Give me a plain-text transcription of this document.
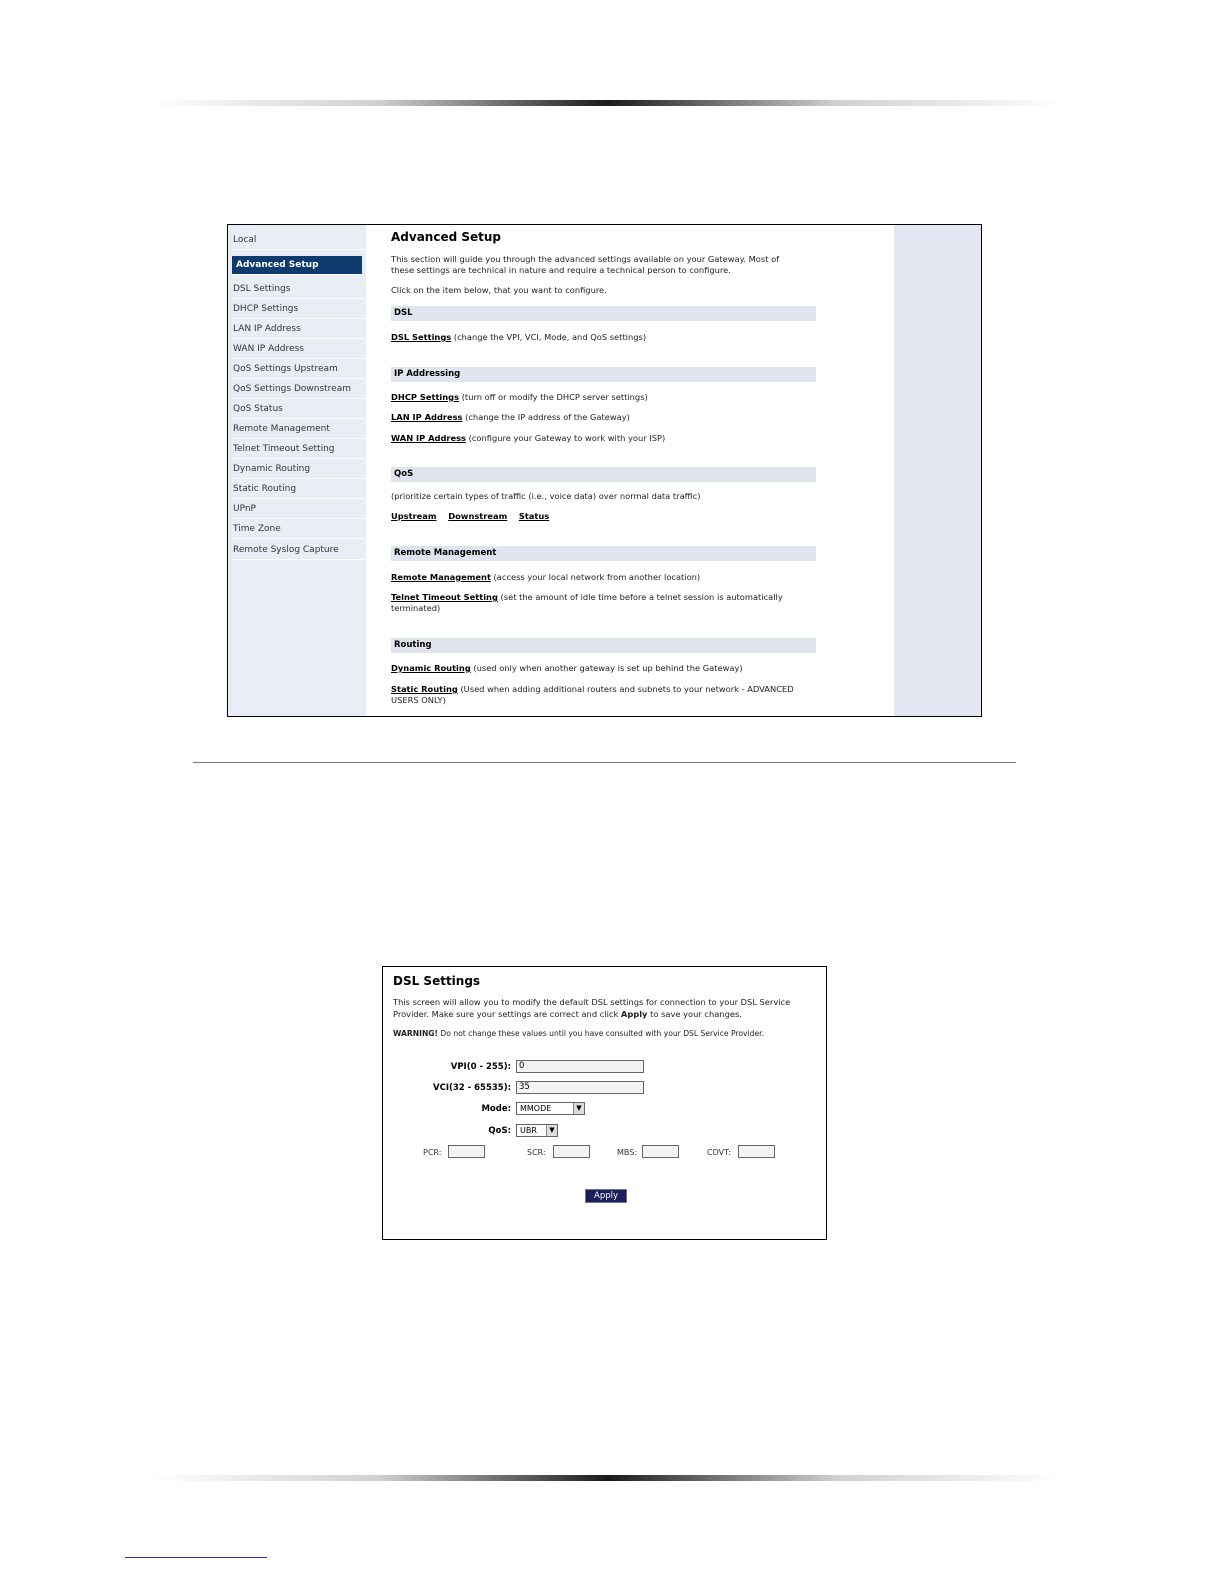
Local
Advanced Setup
DSL Settings
DHCP Settings
LAN IP Address
WAN IP Address
QoS Settings Upstream
QoS Settings Downstream
QoS Status
Remote Management
Telnet Timeout Setting
Dynamic Routing
Static Routing
UPnP
Time Zone
Remote Syslog Capture
Advanced Setup
This section will guide you through the advanced settings available on your Gateway. Most of
these settings are technical in nature and require a technical person to configure.
Click on the item below, that you want to configure.
DSL
DSL Settings (change the VPI, VCI, Mode, and QoS settings)
IP Addressing
DHCP Settings (turn off or modify the DHCP server settings)
LAN IP Address (change the IP address of the Gateway)
WAN IP Address (configure your Gateway to work with your ISP)
QoS
(prioritize certain types of traffic (i.e., voice data) over normal data traffic)
Upstream Downstream Status
Remote Management
Remote Management (access your local network from another location)
Telnet Timeout Setting (set the amount of idle time before a telnet session is automatically
terminated)
Routing
Dynamic Routing (used only when another gateway is set up behind the Gateway)
Static Routing (Used when adding additional routers and subnets to your network - ADVANCED
USERS ONLY)
DSL Settings
This screen will allow you to modify the default DSL settings for connection to your DSL Service
Provider. Make sure your settings are correct and click Apply to save your changes.
WARNING! Do not change these values until you have consulted with your DSL Service Provider.
VPI(0 - 255): 0
VCI(32 - 65535): 35
Mode:	MMODE	▼
QoS:	UBR	▼
PCR:	SCR:	MBS:	CDVT:
Apply
